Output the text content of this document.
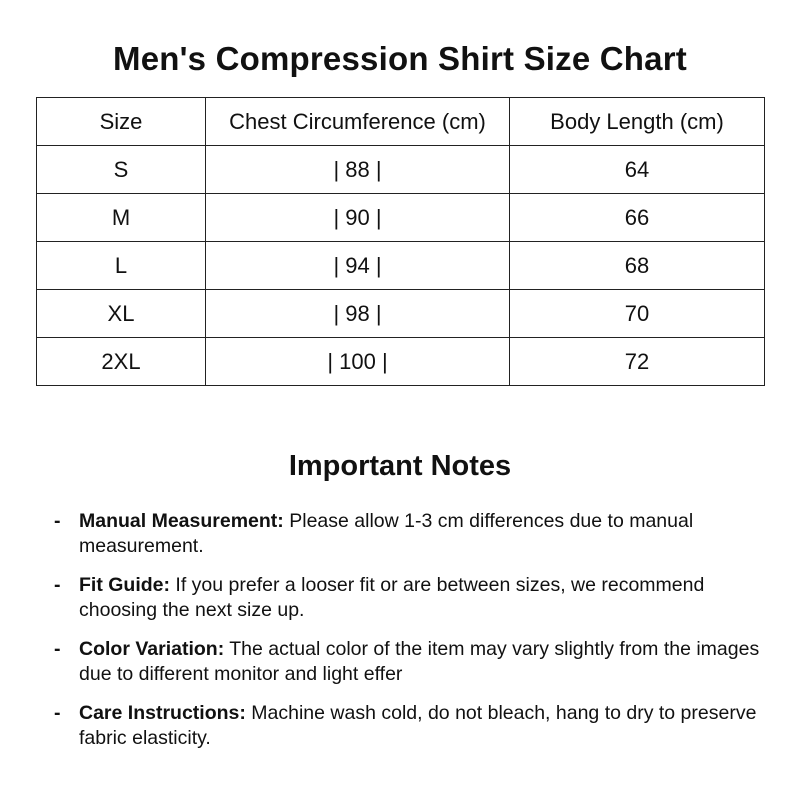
Men's Compression Shirt Size Chart
Size	Chest Circumference (cm)	Body Length (cm)
S	| 88 |	64
M	| 90 |	66
L	| 94 |	68
XL	| 98 |	70
2XL	| 100 |	72
Important Notes
- Manual Measurement: Please allow 1-3 cm differences due to manual measurement.
- Fit Guide: If you prefer a looser fit or are between sizes, we recommend choosing the next size up.
- Color Variation: The actual color of the item may vary slightly from the images due to different monitor and light effer
- Care Instructions: Machine wash cold, do not bleach, hang to dry to preserve fabric elasticity.
